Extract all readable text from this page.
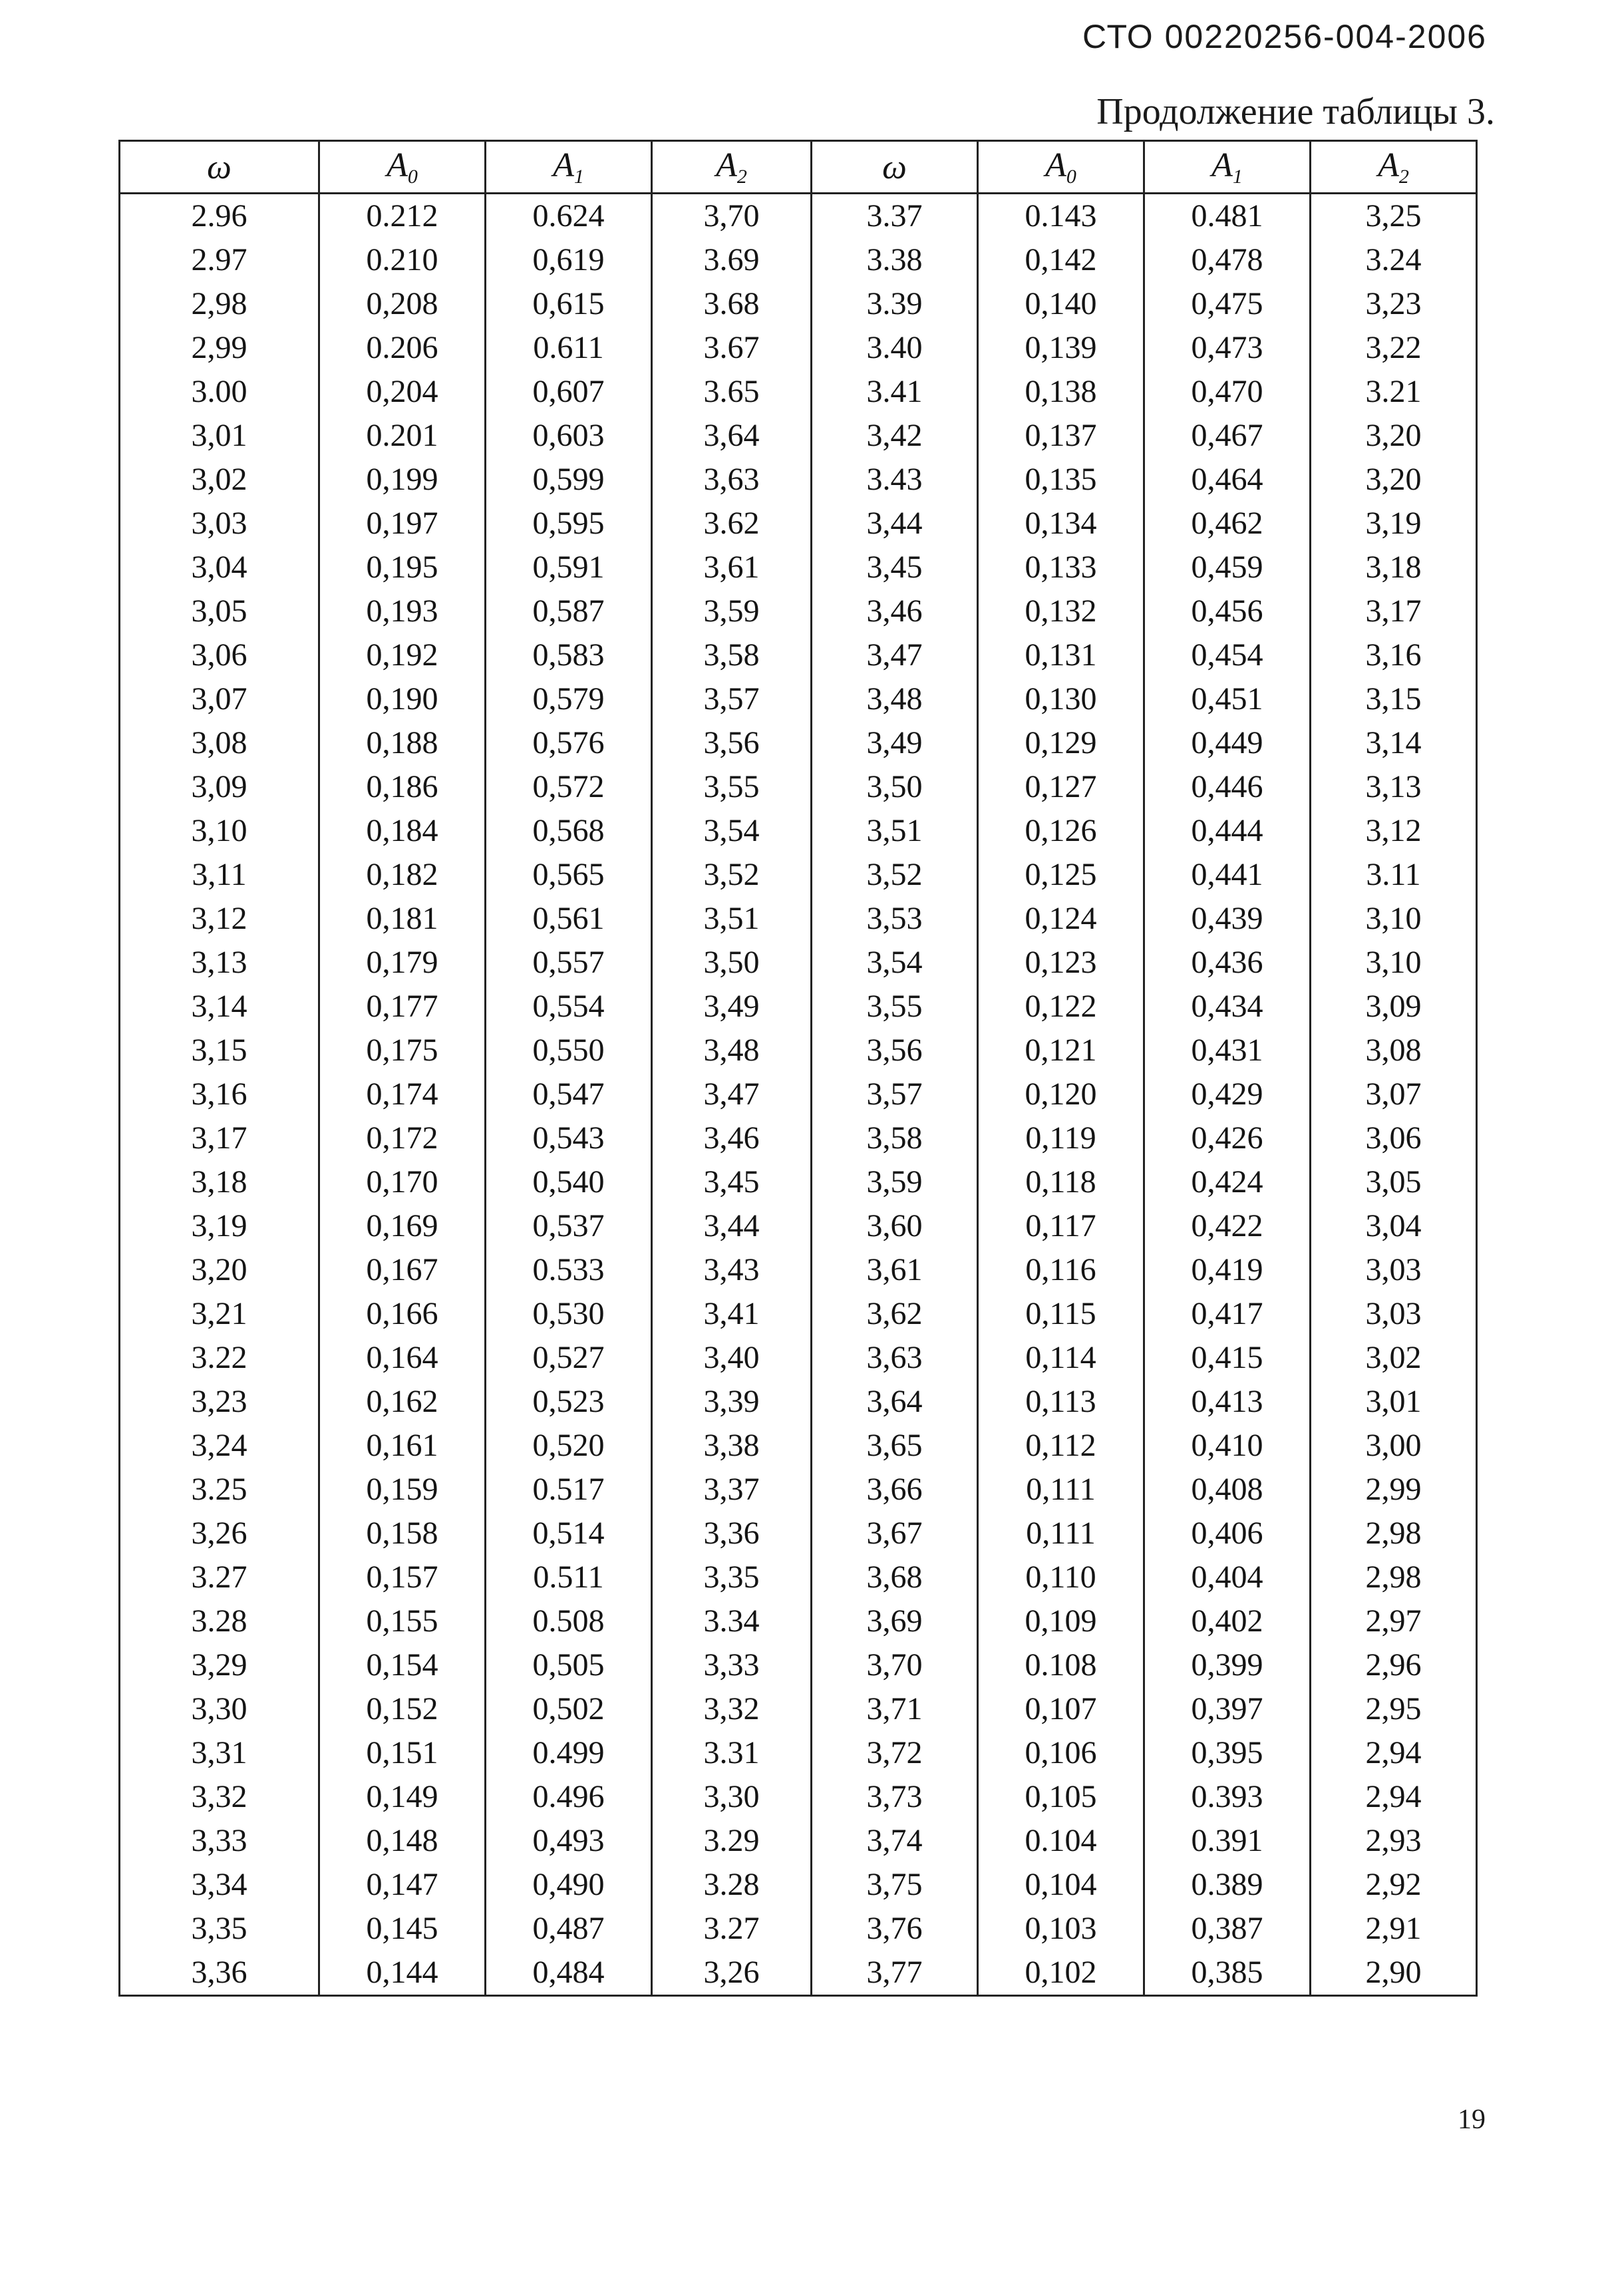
СТО 00220256-004-2006
Продолжение таблицы 3.
ω	A0	A1	A2	ω	A0	A1	A2
2.96	0.212	0.624	3,70	3.37	0.143	0.481	3,25
2.97	0.210	0,619	3.69	3.38	0,142	0,478	3.24
2,98	0,208	0,615	3.68	3.39	0,140	0,475	3,23
2,99	0.206	0.611	3.67	3.40	0,139	0,473	3,22
3.00	0,204	0,607	3.65	3.41	0,138	0,470	3.21
3,01	0.201	0,603	3,64	3,42	0,137	0,467	3,20
3,02	0,199	0,599	3,63	3.43	0,135	0,464	3,20
3,03	0,197	0,595	3.62	3,44	0,134	0,462	3,19
3,04	0,195	0,591	3,61	3,45	0,133	0,459	3,18
3,05	0,193	0,587	3,59	3,46	0,132	0,456	3,17
3,06	0,192	0,583	3,58	3,47	0,131	0,454	3,16
3,07	0,190	0,579	3,57	3,48	0,130	0,451	3,15
3,08	0,188	0,576	3,56	3,49	0,129	0,449	3,14
3,09	0,186	0,572	3,55	3,50	0,127	0,446	3,13
3,10	0,184	0,568	3,54	3,51	0,126	0,444	3,12
3,11	0,182	0,565	3,52	3,52	0,125	0,441	3.11
3,12	0,181	0,561	3,51	3,53	0,124	0,439	3,10
3,13	0,179	0,557	3,50	3,54	0,123	0,436	3,10
3,14	0,177	0,554	3,49	3,55	0,122	0,434	3,09
3,15	0,175	0,550	3,48	3,56	0,121	0,431	3,08
3,16	0,174	0,547	3,47	3,57	0,120	0,429	3,07
3,17	0,172	0,543	3,46	3,58	0,119	0,426	3,06
3,18	0,170	0,540	3,45	3,59	0,118	0,424	3,05
3,19	0,169	0,537	3,44	3,60	0,117	0,422	3,04
3,20	0,167	0.533	3,43	3,61	0,116	0,419	3,03
3,21	0,166	0,530	3,41	3,62	0,115	0,417	3,03
3.22	0,164	0,527	3,40	3,63	0,114	0,415	3,02
3,23	0,162	0,523	3,39	3,64	0,113	0,413	3,01
3,24	0,161	0,520	3,38	3,65	0,112	0,410	3,00
3.25	0,159	0.517	3,37	3,66	0,111	0,408	2,99
3,26	0,158	0,514	3,36	3,67	0,111	0,406	2,98
3.27	0,157	0.511	3,35	3,68	0,110	0,404	2,98
3.28	0,155	0.508	3.34	3,69	0,109	0,402	2,97
3,29	0,154	0,505	3,33	3,70	0.108	0,399	2,96
3,30	0,152	0,502	3,32	3,71	0,107	0,397	2,95
3,31	0,151	0.499	3.31	3,72	0,106	0,395	2,94
3,32	0,149	0.496	3,30	3,73	0,105	0.393	2,94
3,33	0,148	0,493	3.29	3,74	0.104	0.391	2,93
3,34	0,147	0,490	3.28	3,75	0,104	0.389	2,92
3,35	0,145	0,487	3.27	3,76	0,103	0,387	2,91
3,36	0,144	0,484	3,26	3,77	0,102	0,385	2,90
19
